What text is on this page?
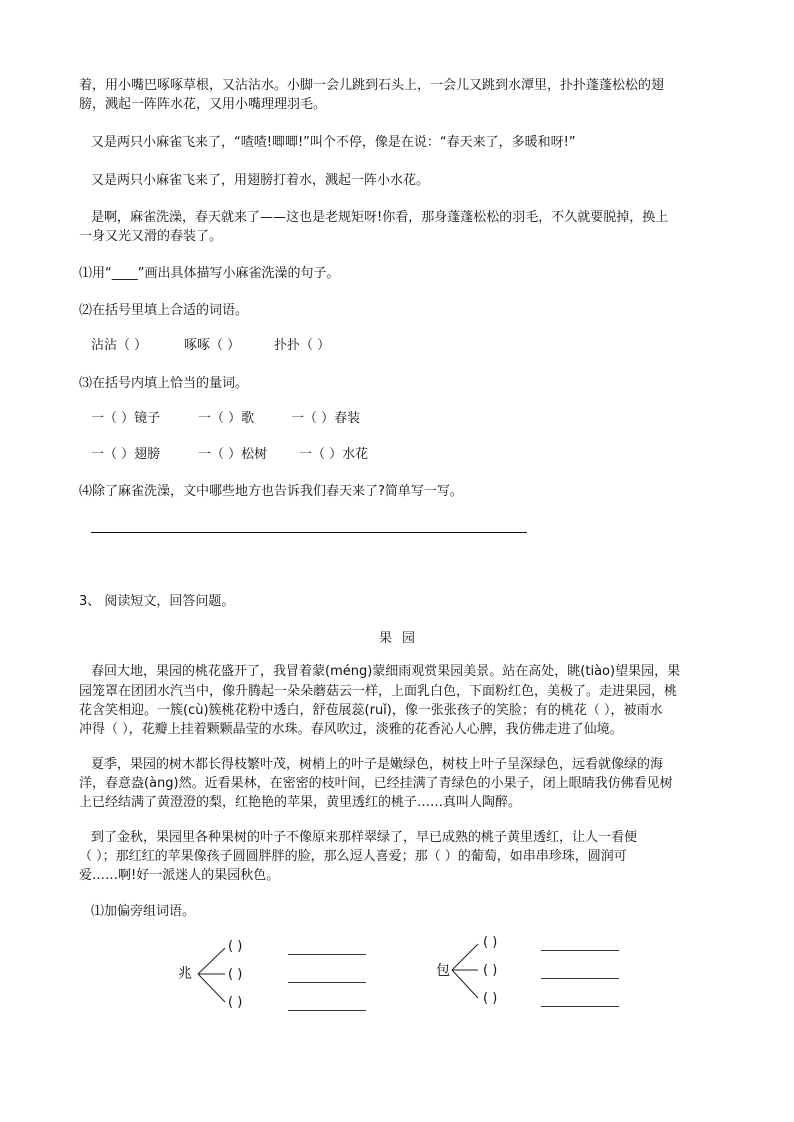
着，用小嘴巴啄啄草根，又沾沾水。小脚一会儿跳到石头上，一会儿又跳到水潭里，扑扑蓬蓬松松的翅
膀，溅起一阵阵水花，又用小嘴理理羽毛。
又是两只小麻雀飞来了，“喳喳!唧唧!”叫个不停，像是在说：“春天来了，多暖和呀!”
又是两只小麻雀飞来了，用翅膀打着水，溅起一阵小水花。
是啊，麻雀洗澡，春天就来了——这也是老规矩呀!你看，那身蓬蓬松松的羽毛，不久就要脱掉，换上
一身又光又滑的春装了。
⑴用“____”画出具体描写小麻雀洗澡的句子。
⑵在括号里填上合适的词语。
沾沾（ ）	啄啄（ ）	扑扑（ ）
⑶在括号内填上恰当的量词。
一（ ）镜子	一（ ）歌	一（ ）春装
一（ ）翅膀	一（ ）松树 一（ ）水花
⑷除了麻雀洗澡，文中哪些地方也告诉我们春天来了?简单写一写。
3、 阅读短文，回答问题。
果园
春回大地，果园的桃花盛开了，我冒着蒙(méng)蒙细雨观赏果园美景。站在高处，眺(tiào)望果园，果
园笼罩在团团水汽当中，像升腾起一朵朵蘑菇云一样，上面乳白色，下面粉红色，美极了。走进果园，桃
花含笑相迎。一簇(cù)簇桃花粉中透白，舒苞展蕊(ruǐ)，像一张张孩子的笑脸；有的桃花（ ），被雨水
冲得（ ），花瓣上挂着颗颗晶莹的水珠。春风吹过，淡雅的花香沁人心脾，我仿佛走进了仙境。
夏季，果园的树木都长得枝繁叶茂，树梢上的叶子是嫩绿色，树枝上叶子呈深绿色，远看就像绿的海
洋，春意盎(àng)然。近看果林，在密密的枝叶间，已经挂满了青绿色的小果子，闭上眼睛我仿佛看见树
上已经结满了黄澄澄的梨，红艳艳的苹果，黄里透红的桃子……真叫人陶醉。
到了金秋，果园里各种果树的叶子不像原来那样翠绿了，早已成熟的桃子黄里透红，让人一看便
（ ）；那红红的苹果像孩子圆圆胖胖的脸，那么逗人喜爱；那（ ）的葡萄，如串串珍珠，圆润可
爱……啊!好一派迷人的果园秋色。
⑴加偏旁组词语。
兆	包
( )
( )
( )
( )
( )
( )
